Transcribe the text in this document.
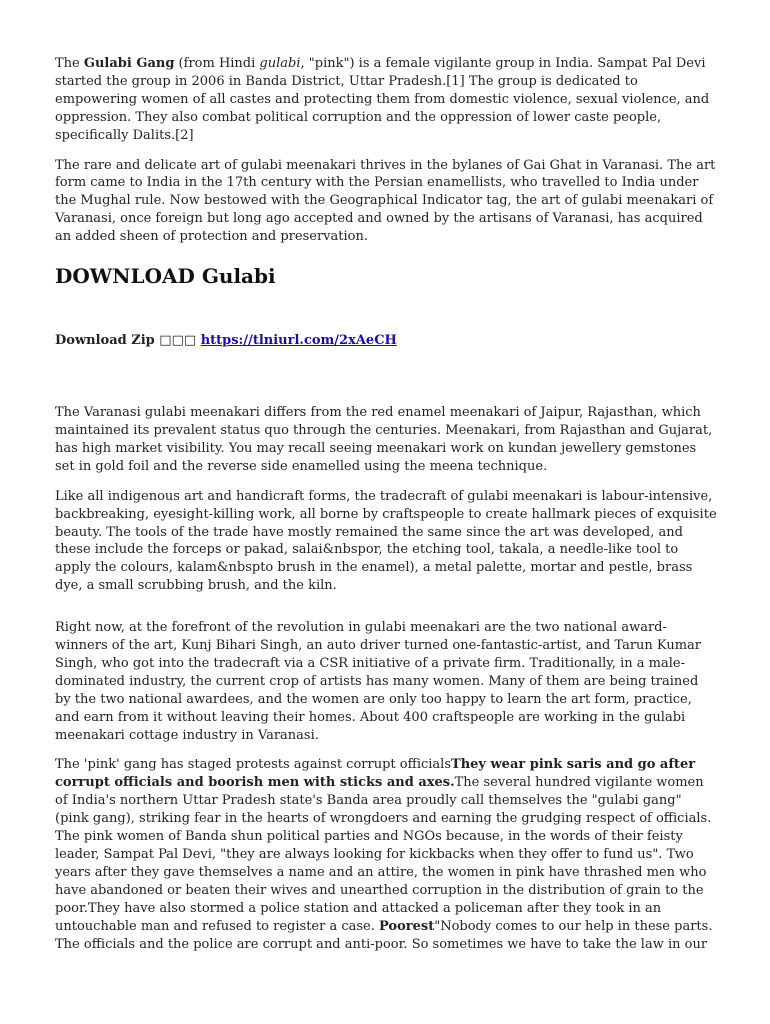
The Gulabi Gang (from Hindi gulabi, "pink") is a female vigilante group in India. Sampat Pal Devi started the group in 2006 in Banda District, Uttar Pradesh.[1] The group is dedicated to empowering women of all castes and protecting them from domestic violence, sexual violence, and oppression. They also combat political corruption and the oppression of lower caste people, specifically Dalits.[2]

The rare and delicate art of gulabi meenakari thrives in the bylanes of Gai Ghat in Varanasi. The art form came to India in the 17th century with the Persian enamellists, who travelled to India under the Mughal rule. Now bestowed with the Geographical Indicator tag, the art of gulabi meenakari of Varanasi, once foreign but long ago accepted and owned by the artisans of Varanasi, has acquired an added sheen of protection and preservation.

DOWNLOAD Gulabi
Download Zip □□□ https://tlniurl.com/2xAeCH

The Varanasi gulabi meenakari differs from the red enamel meenakari of Jaipur, Rajasthan, which maintained its prevalent status quo through the centuries. Meenakari, from Rajasthan and Gujarat, has high market visibility. You may recall seeing meenakari work on kundan jewellery gemstones set in gold foil and the reverse side enamelled using the meena technique.

Like all indigenous art and handicraft forms, the tradecraft of gulabi meenakari is labour-intensive, backbreaking, eyesight-killing work, all borne by craftspeople to create hallmark pieces of exquisite beauty. The tools of the trade have mostly remained the same since the art was developed, and these include the forceps or pakad, salai&nbspor, the etching tool, takala, a needle-like tool to apply the colours, kalam&nbspto brush in the enamel), a metal palette, mortar and pestle, brass dye, a small scrubbing brush, and the kiln.

Right now, at the forefront of the revolution in gulabi meenakari are the two national award-winners of the art, Kunj Bihari Singh, an auto driver turned one-fantastic-artist, and Tarun Kumar Singh, who got into the tradecraft via a CSR initiative of a private firm. Traditionally, in a male-dominated industry, the current crop of artists has many women. Many of them are being trained by the two national awardees, and the women are only too happy to learn the art form, practice, and earn from it without leaving their homes. About 400 craftspeople are working in the gulabi meenakari cottage industry in Varanasi.

The 'pink' gang has staged protests against corrupt officialsThey wear pink saris and go after corrupt officials and boorish men with sticks and axes.The several hundred vigilante women of India's northern Uttar Pradesh state's Banda area proudly call themselves the "gulabi gang" (pink gang), striking fear in the hearts of wrongdoers and earning the grudging respect of officials. The pink women of Banda shun political parties and NGOs because, in the words of their feisty leader, Sampat Pal Devi, "they are always looking for kickbacks when they offer to fund us". Two years after they gave themselves a name and an attire, the women in pink have thrashed men who have abandoned or beaten their wives and unearthed corruption in the distribution of grain to the poor.They have also stormed a police station and attacked a policeman after they took in an untouchable man and refused to register a case. Poorest"Nobody comes to our help in these parts. The officials and the police are corrupt and anti-poor. So sometimes we have to take the law in our
